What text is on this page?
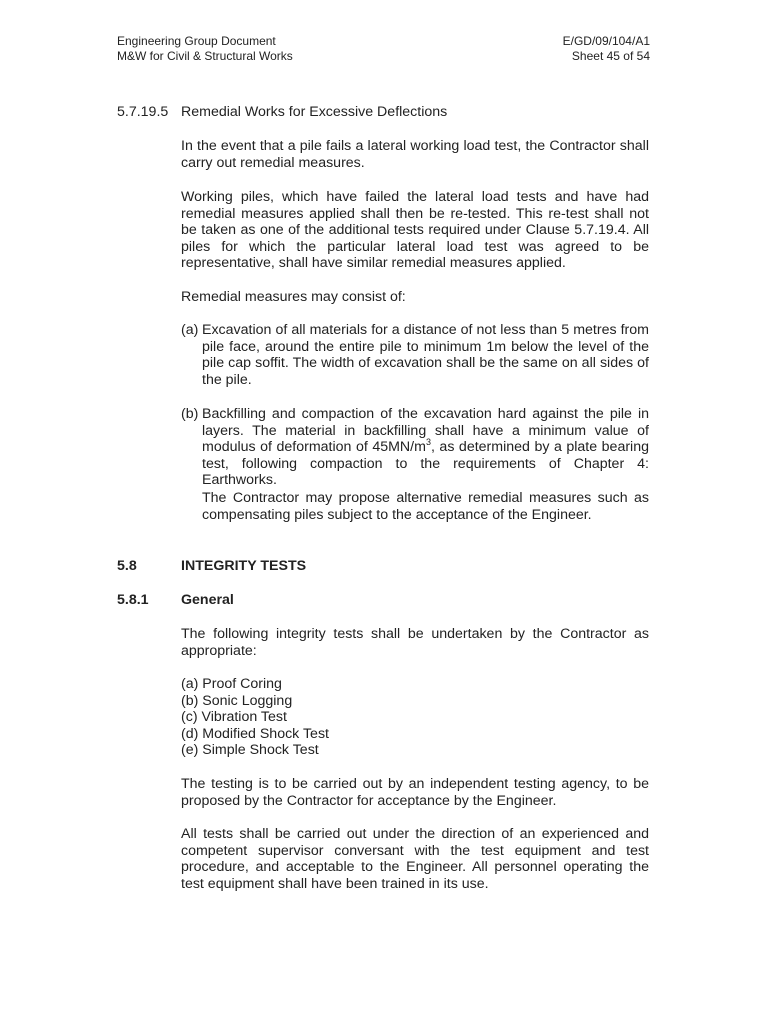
Engineering Group Document
M&W for Civil & Structural Works
E/GD/09/104/A1
Sheet 45 of 54
5.7.19.5 Remedial Works for Excessive Deflections
In the event that a pile fails a lateral working load test, the Contractor shall carry out remedial measures.
Working piles, which have failed the lateral load tests and have had remedial measures applied shall then be re-tested. This re-test shall not be taken as one of the additional tests required under Clause 5.7.19.4. All piles for which the particular lateral load test was agreed to be representative, shall have similar remedial measures applied.
Remedial measures may consist of:
(a) Excavation of all materials for a distance of not less than 5 metres from pile face, around the entire pile to minimum 1m below the level of the pile cap soffit. The width of excavation shall be the same on all sides of the pile.
(b) Backfilling and compaction of the excavation hard against the pile in layers. The material in backfilling shall have a minimum value of modulus of deformation of $45MN/m^3$, as determined by a plate bearing test, following compaction to the requirements of Chapter 4: Earthworks.
The Contractor may propose alternative remedial measures such as compensating piles subject to the acceptance of the Engineer.
5.8	INTEGRITY TESTS
5.8.1 General
The following integrity tests shall be undertaken by the Contractor as appropriate:
(a) Proof Coring
(b) Sonic Logging
(c) Vibration Test
(d) Modified Shock Test
(e) Simple Shock Test
The testing is to be carried out by an independent testing agency, to be proposed by the Contractor for acceptance by the Engineer.
All tests shall be carried out under the direction of an experienced and competent supervisor conversant with the test equipment and test procedure, and acceptable to the Engineer. All personnel operating the test equipment shall have been trained in its use.
